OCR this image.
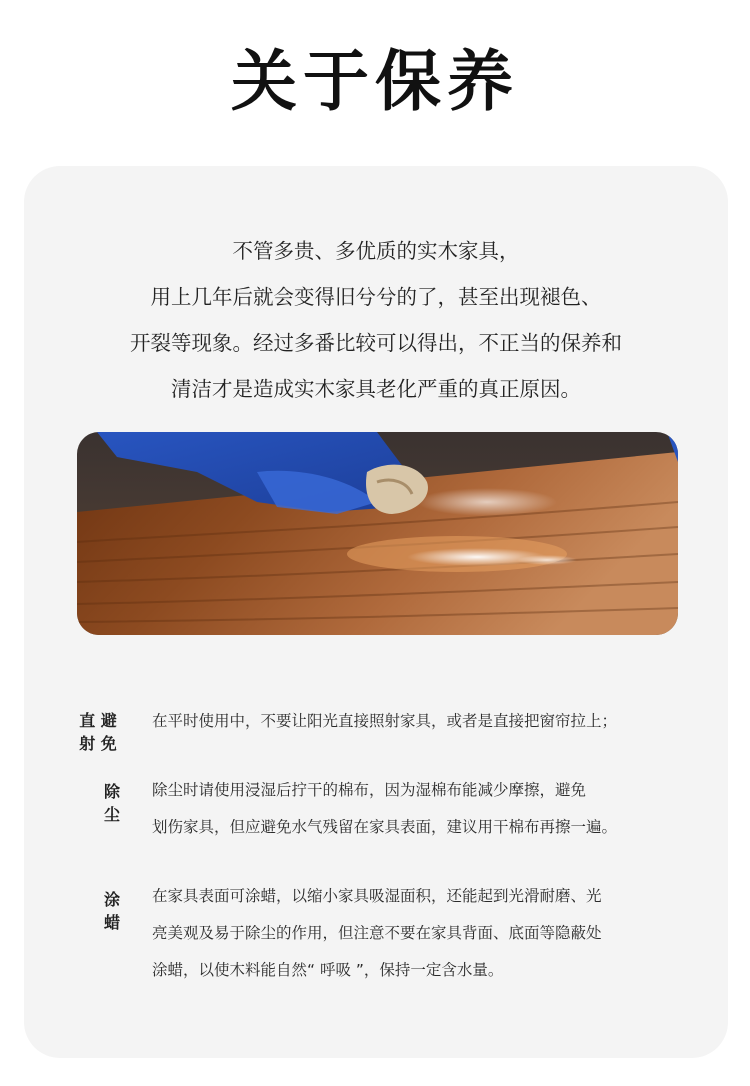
关于保养
不管多贵、多优质的实木家具，
用上几年后就会变得旧兮兮的了，甚至出现褪色、
开裂等现象。经过多番比较可以得出，不正当的保养和
清洁才是造成实木家具老化严重的真正原因。
直 避
射 免
在平时使用中，不要让阳光直接照射家具，或者是直接把窗帘拉上；
除
尘
除尘时请使用浸湿后拧干的棉布，因为湿棉布能减少摩擦，避免
划伤家具，但应避免水气残留在家具表面，建议用干棉布再擦一遍。
涂
蜡
在家具表面可涂蜡，以缩小家具吸湿面积，还能起到光滑耐磨、光
亮美观及易于除尘的作用，但注意不要在家具背面、底面等隐蔽处
涂蜡，以使木料能自然“ 呼吸 ”，保持一定含水量。
